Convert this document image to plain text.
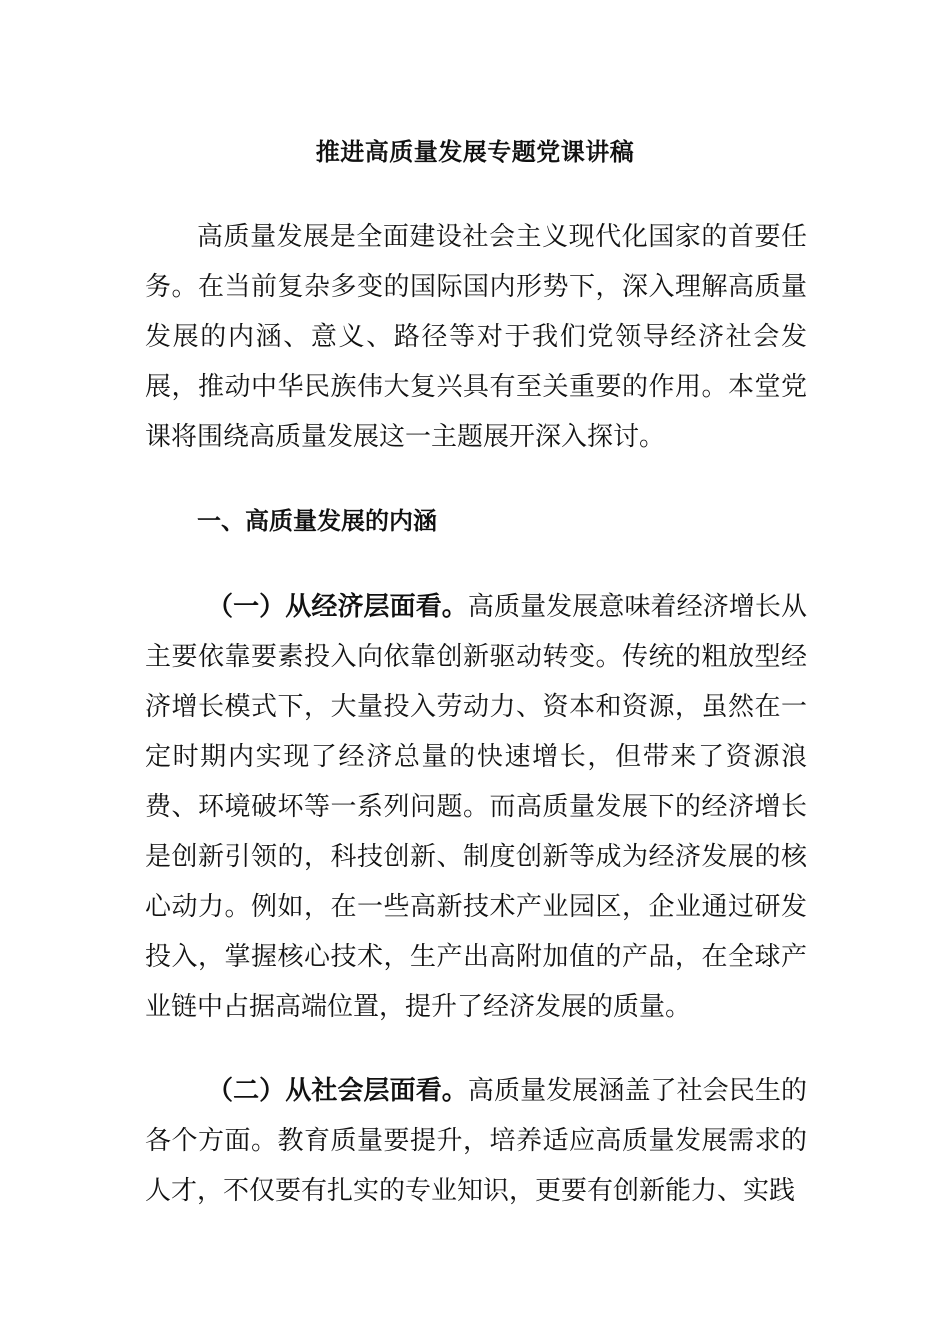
推进高质量发展专题党课讲稿

高质量发展是全面建设社会主义现代化国家的首要任务。在当前复杂多变的国际国内形势下，深入理解高质量发展的内涵、意义、路径等对于我们党领导经济社会发展，推动中华民族伟大复兴具有至关重要的作用。本堂党课将围绕高质量发展这一主题展开深入探讨。

一、高质量发展的内涵

（一）从经济层面看。高质量发展意味着经济增长从主要依靠要素投入向依靠创新驱动转变。传统的粗放型经济增长模式下，大量投入劳动力、资本和资源，虽然在一定时期内实现了经济总量的快速增长，但带来了资源浪费、环境破坏等一系列问题。而高质量发展下的经济增长是创新引领的，科技创新、制度创新等成为经济发展的核心动力。例如，在一些高新技术产业园区，企业通过研发投入，掌握核心技术，生产出高附加值的产品，在全球产业链中占据高端位置，提升了经济发展的质量。

（二）从社会层面看。高质量发展涵盖了社会民生的各个方面。教育质量要提升，培养适应高质量发展需求的人才，不仅要有扎实的专业知识，更要有创新能力、实践
